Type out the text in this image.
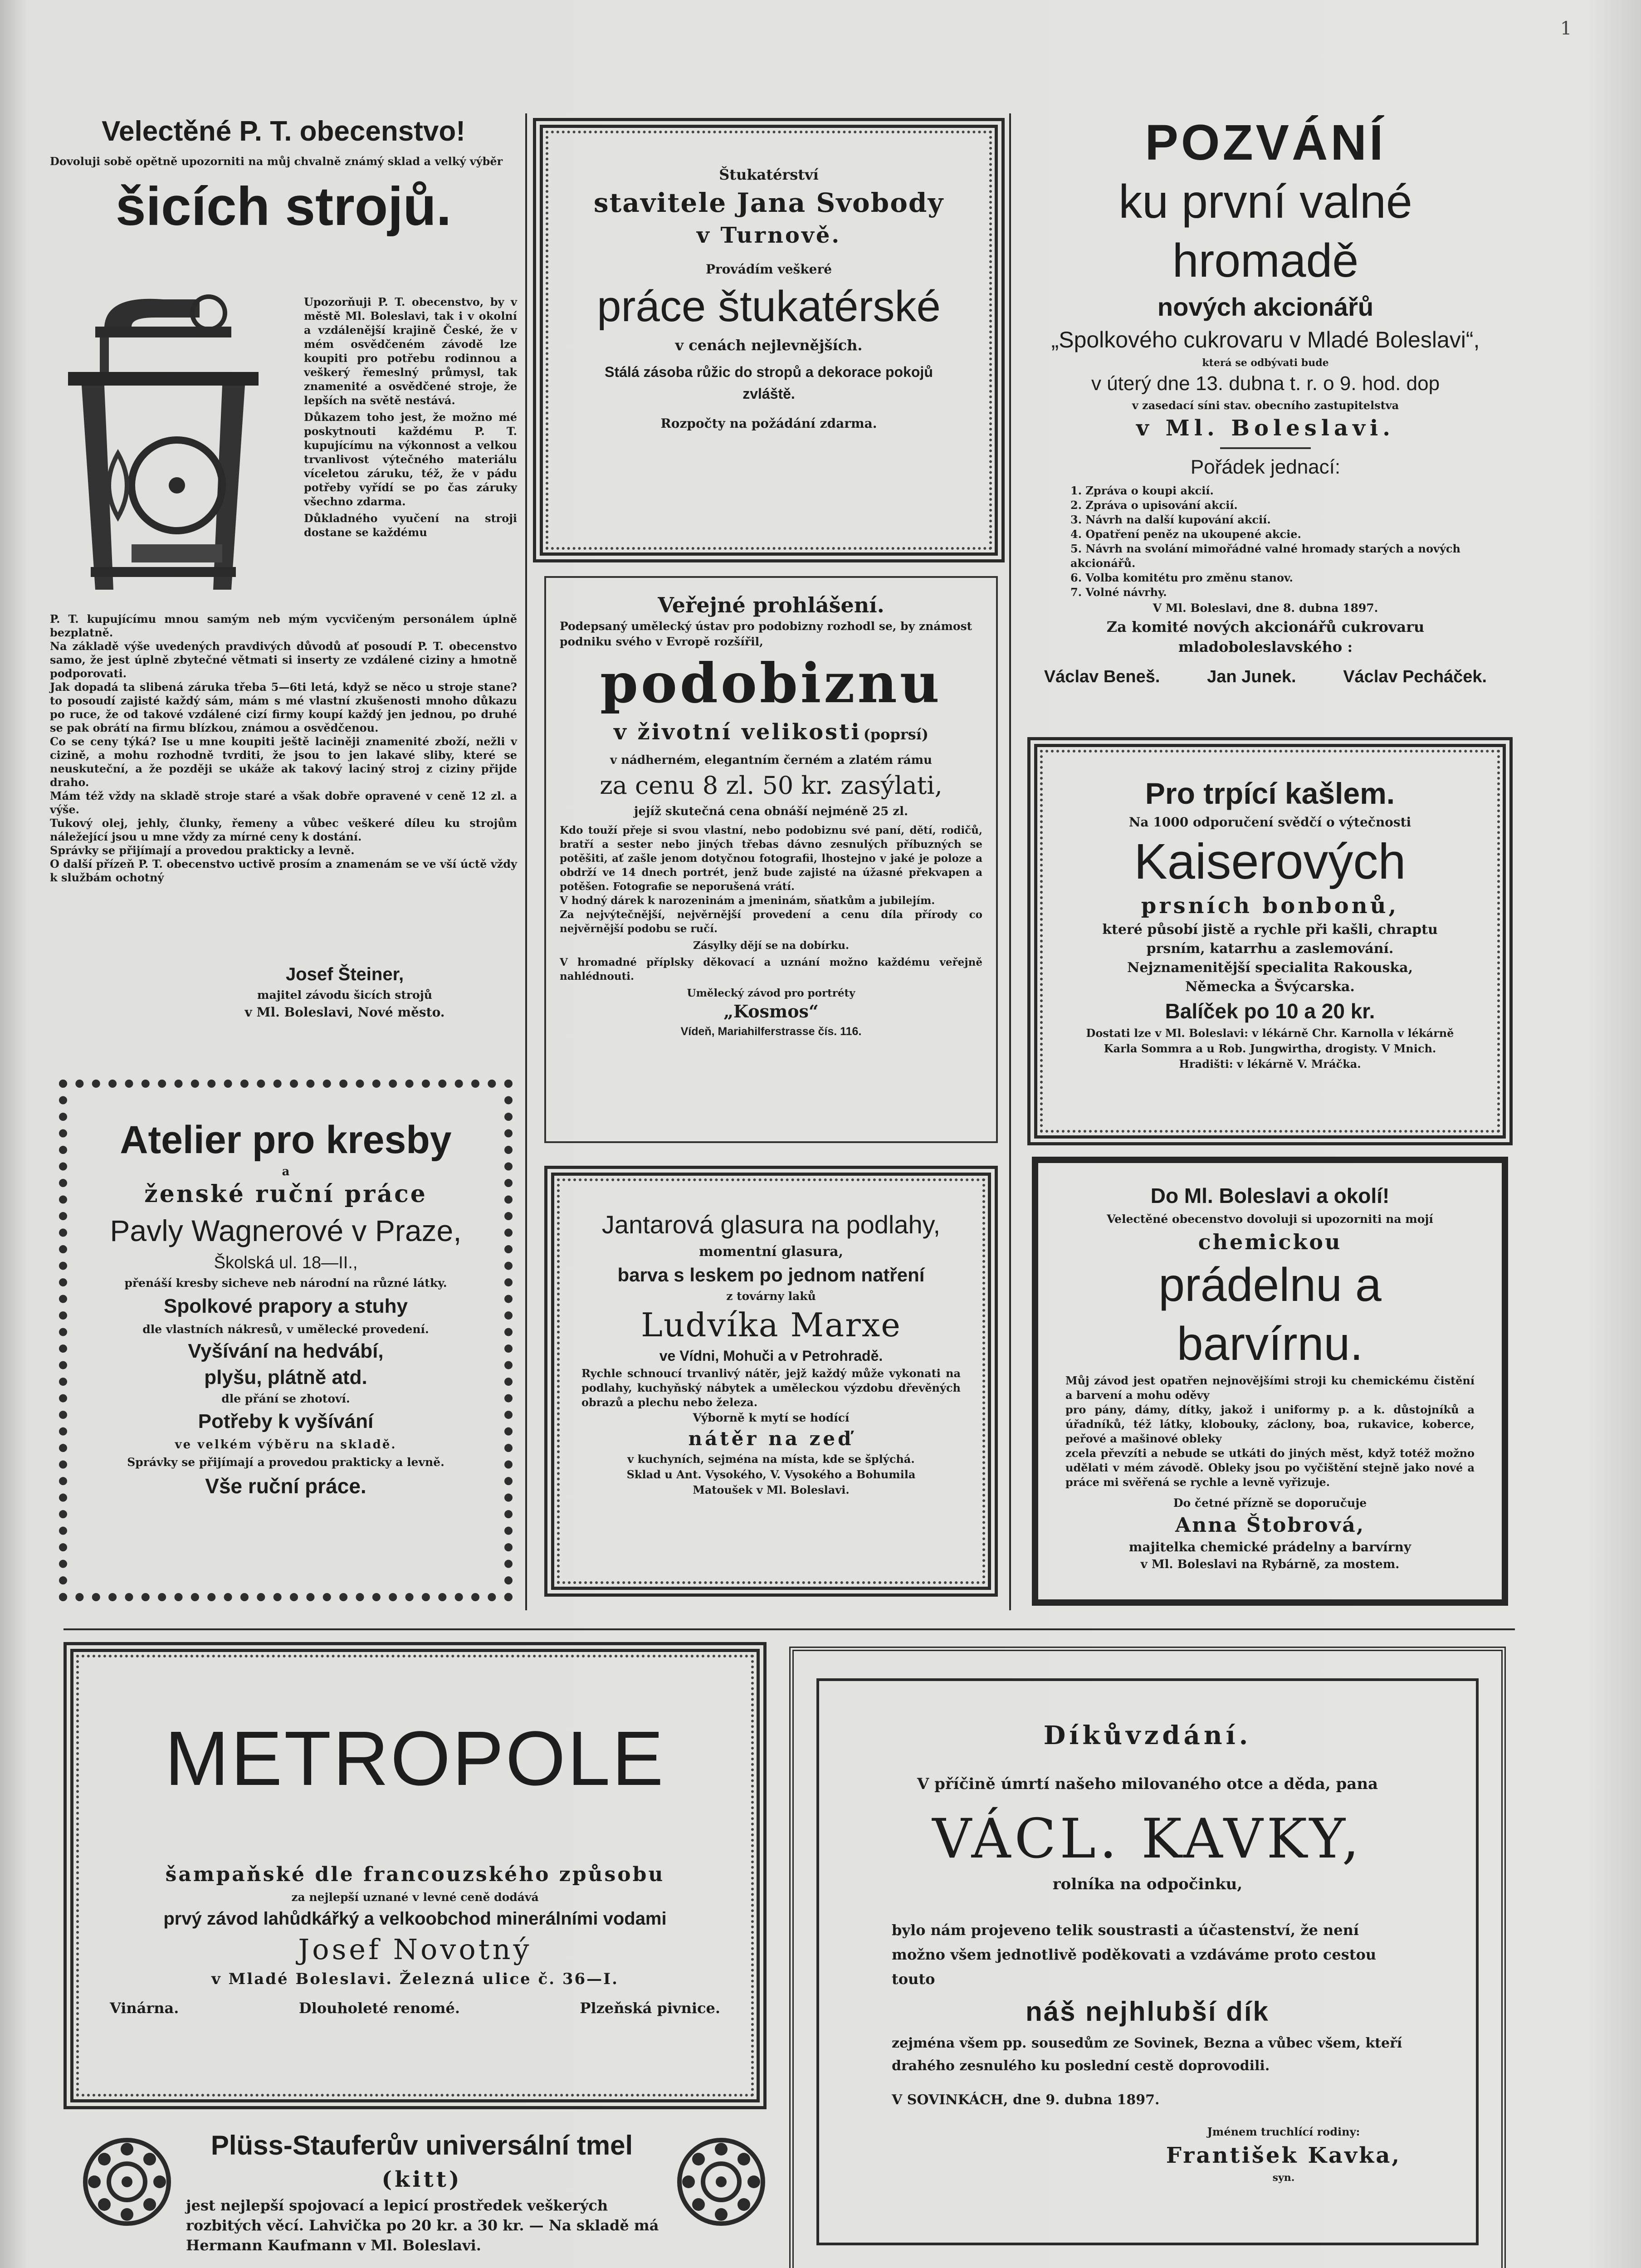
1
Velectěné P. T. obecenstvo!
Dovoluji sobě opětně upozorniti na můj chvalně známý sklad a velký výběr
šicích strojů.

Upozorňuji P. T. obecenstvo, by v městě Ml. Boleslavi, tak i v okolní a vzdálenější krajině České, že v mém osvědčeném závodě lze koupiti pro potřebu rodinnou a veškerý řemeslný průmysl, tak znamenité a osvědčené stroje, že lepších na světě nestává.

Důkazem toho jest, že možno mé poskytnouti každému P. T. kupujícímu na výkonnost a velkou trvanlivost výtečného materiálu víceletou záruku, též, že v pádu potřeby vyřídí se po čas záruky všechno zdarma.

Důkladného vyučení na stroji dostane se každému

P. T. kupujícímu mnou samým neb mým vycvičeným personálem úplně bezplatně.

Na základě výše uvedených pravdivých důvodů ať posoudí P. T. obecenstvo samo, že jest úplně zbytečné větmati si inserty ze vzdálené ciziny a hmotně podporovati.

Jak dopadá ta slibená záruka třeba 5—6ti letá, když se něco u stroje stane? to posoudí zajisté každý sám, mám s mé vlastní zkušenosti mnoho důkazu po ruce, že od takové vzdálené cizí firmy koupí každý jen jednou, po druhé se pak obrátí na firmu blízkou, známou a osvědčenou.

Co se ceny týká? Ise u mne koupiti ještě laciněji znamenité zboží, nežli v cizině, a mohu rozhodně tvrditi, že jsou to jen lakavé sliby, které se neuskuteční, a že později se ukáže ak takový laciný stroj z ciziny přijde draho.

Mám též vždy na skladě stroje staré a však dobře opravené v ceně 12 zl. a výše.

Tukový olej, jehly, člunky, řemeny a vůbec veškeré díleu ku strojům náležející jsou u mne vždy za mírné ceny k dostání.

Správky se přijímají a provedou prakticky a levně.

O další přízeň P. T. obecenstvo uctivě prosím a znamenám se ve vší úctě vždy k službám ochotný

Josef Šteiner,
majitel závodu šicích strojů
v Ml. Boleslavi, Nové město.
Atelier pro kresby
a
ženské ruční práce
Pavly Wagnerové v Praze,
Školská ul. 18—II.,
přenáší kresby sicheve neb národní na různé látky.
Spolkové prapory a stuhy
dle vlastních nákresů, v umělecké provedení.
Vyšívání na hedvábí, plyšu, plátně atd.
dle přání se zhotoví.
Potřeby k vyšívání
ve velkém výběru na skladě.
Správky se přijímají a provedou prakticky a levně.
Vše ruční práce.
Štukatérství
stavitele Jana Svobody
v Turnově.
Provádím veškeré
práce štukatérské
v cenách nejlevnějších.
Stálá zásoba růžic do stropů a dekorace pokojů zvláště.
Rozpočty na požádání zdarma.
Veřejné prohlášení.
Podepsaný umělecký ústav pro podobizny rozhodl se, by známost podniku svého v Evropě rozšířil,
podobiznu
v životní velikosti (poprsí)
v nádherném, elegantním černém a zlatém rámu
za cenu 8 zl. 50 kr. zasýlati,
jejíž skutečná cena obnáší nejméně 25 zl.

Kdo touží přeje si svou vlastní, nebo podobiznu své paní, dětí, rodičů, bratří a sester nebo jiných třebas dávno zesnulých příbuzných se potěšiti, ať zašle jenom dotyčnou fotografii, lhostejno v jaké je poloze a obdrží ve 14 dnech portrét, jenž bude zajisté na úžasné překvapen a potěšen. Fotografie se neporušená vrátí.

V hodný dárek k narozeninám a jmeninám, sňatkům a jubilejím.

Za nejvýtečnější, nejvěrnější provedení a cenu díla přírody co nejvěrnější podobu se ručí.

Zásylky dějí se na dobírku.

V hromadné příplsky děkovací a uznání možno každému veřejně nahlédnouti.

Umělecký závod pro portréty

„Kosmos“
Vídeň, Mariahilferstrasse čís. 116.
Jantarová glasura na podlahy,
momentní glasura,
barva s leskem po jednom natření
z továrny laků
Ludvíka Marxe
ve Vídni, Mohuči a v Petrohradě.
Rychle schnoucí trvanlivý nátěr, jejž každý může vykonati na podlahy, kuchyňský nábytek a uměleckou výzdobu dřevěných obrazů a plechu nebo železa.
Výborně k mytí se hodící
nátěr na zeď
v kuchyních, sejména na místa, kde se šplýchá.
Sklad u Ant. Vysokého, V. Vysokého a Bohumila Matoušek v Ml. Boleslavi.
POZVÁNÍ
ku první valné hromadě
nových akcionářů
„Spolkového cukrovaru v Mladé Boleslavi“,
která se odbývati bude
v úterý dne 13. dubna t. r. o 9. hod. dop
v zasedací síni stav. obecního zastupitelstva
v Ml. Boleslavi.
Pořádek jednací:
1. Zpráva o koupi akcií.
2. Zpráva o upisování akcií.
3. Návrh na další kupování akcií.
4. Opatření peněz na ukoupené akcie.
5. Návrh na svolání mimořádné valné hromady starých a nových akcionářů.
6. Volba komitétu pro změnu stanov.
7. Volné návrhy.
V Ml. Boleslavi, dne 8. dubna 1897.
Za komité nových akcionářů cukrovaru mladoboleslavského :
Václav Beneš.	Jan Junek.	Václav Pecháček.
Pro trpící kašlem.
Na 1000 odporučení svědčí o výtečnosti
Kaiserových
prsních bonbonů,
které působí jistě a rychle při kašli, chraptu prsním, katarrhu a zaslemování.
Nejznamenitější specialita Rakouska, Německa a Švýcarska.
Balíček po 10 a 20 kr.
Dostati lze v Ml. Boleslavi: v lékárně Chr. Karnolla v lékárně Karla Sommra a u Rob. Jungwirtha, drogisty. V Mnich. Hradišti: v lékárně V. Mráčka.
Do Ml. Boleslavi a okolí!
Velectěné obecenstvo dovoluji si upozorniti na mojí
chemickou
prádelnu a barvírnu.
Můj závod jest opatřen nejnovějšími stroji ku chemickému čistění a barvení a mohu oděvy
pro pány, dámy, dítky, jakož i uniformy p. a k. důstojníků a úřadníků, též látky, klobouky, záclony, boa, rukavice, koberce, peřové a mašinové obleky
zcela převzíti a nebude se utkáti do jiných měst, když totéž možno udělati v mém závodě. Obleky jsou po vyčištění stejně jako nové a práce mi svěřená se rychle a levně vyřizuje.
Do četné přízně se doporučuje
Anna Štobrová,
majitelka chemické prádelny a barvírny
v Ml. Boleslavi na Rybárně, za mostem.
METROPOLE
šampaňské dle francouzského způsobu
za nejlepší uznané v levné ceně dodává
prvý závod lahůdkářký a velkoobchod minerálními vodami
Josef Novotný
v Mladé Boleslavi. Železná ulice č. 36—I.
Vinárna.	Dlouholeté renomé.	Plzeňská pivnice.
Plüss-Stauferův universální tmel
(kitt)
jest nejlepší spojovací a lepicí prostředek veškerých rozbitých věcí. Lahvička po 20 kr. a 30 kr. — Na skladě má Hermann Kaufmann v Ml. Boleslavi.
Díkůvzdání.
V příčině úmrtí našeho milovaného otce a děda, pana
VÁCL. KAVKY,
rolníka na odpočinku,
bylo nám projeveno telik soustrasti a účastenství, že není možno všem jednotlivě poděkovati a vzdáváme proto cestou touto
náš nejhlubší dík
zejména všem pp. sousedům ze Sovinek, Bezna a vůbec všem, kteří drahého zesnulého ku poslední cestě doprovodili.
V SOVINKÁCH, dne 9. dubna 1897.
Jménem truchlící rodiny:
František Kavka,
syn.
